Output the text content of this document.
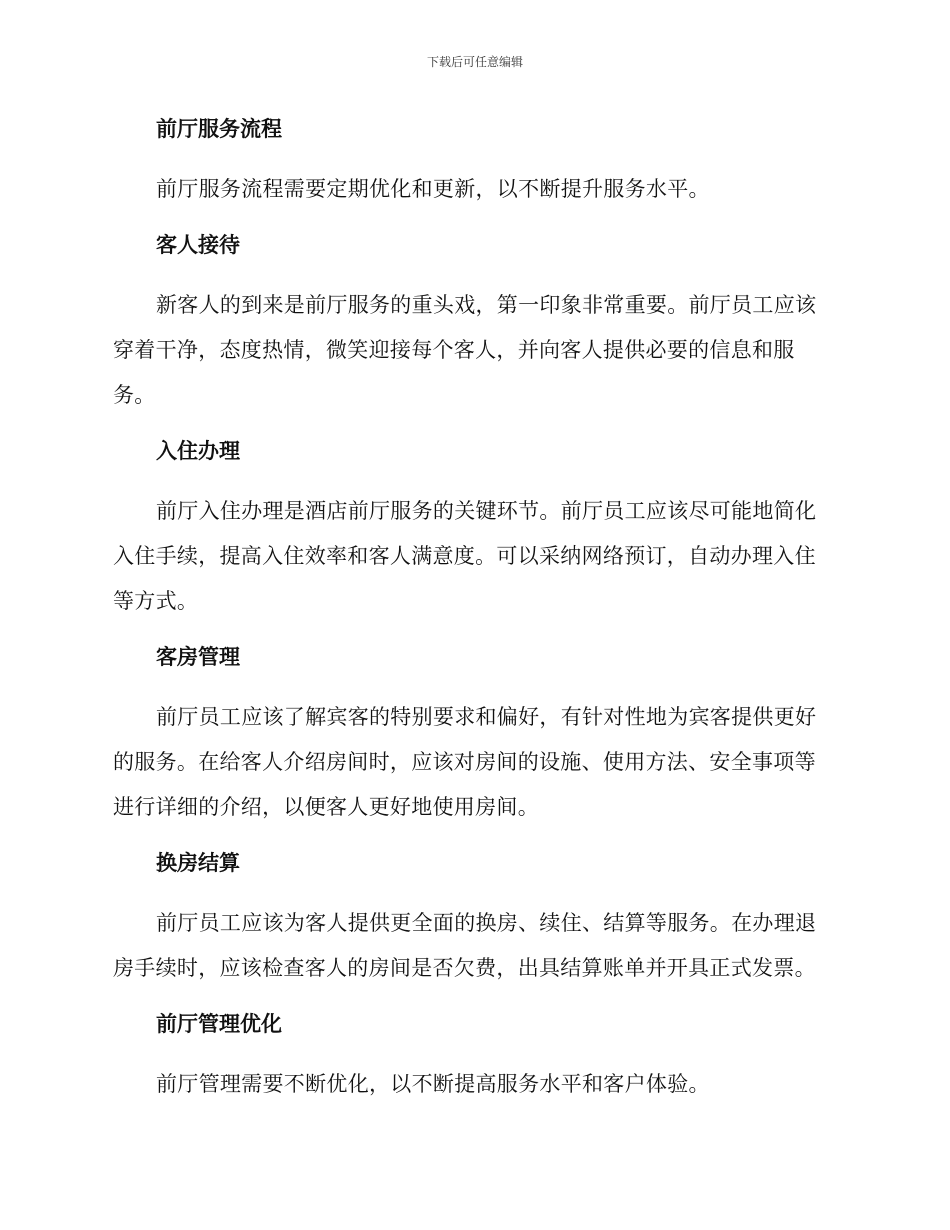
下载后可任意编辑
前厅服务流程
前厅服务流程需要定期优化和更新，以不断提升服务水平。
客人接待
新客人的到来是前厅服务的重头戏，第一印象非常重要。前厅员工应该穿着干净，态度热情，微笑迎接每个客人，并向客人提供必要的信息和服务。
入住办理
前厅入住办理是酒店前厅服务的关键环节。前厅员工应该尽可能地简化入住手续，提高入住效率和客人满意度。可以采纳网络预订，自动办理入住等方式。
客房管理
前厅员工应该了解宾客的特别要求和偏好，有针对性地为宾客提供更好的服务。在给客人介绍房间时，应该对房间的设施、使用方法、安全事项等进行详细的介绍，以便客人更好地使用房间。
换房结算
前厅员工应该为客人提供更全面的换房、续住、结算等服务。在办理退房手续时，应该检查客人的房间是否欠费，出具结算账单并开具正式发票。
前厅管理优化
前厅管理需要不断优化，以不断提高服务水平和客户体验。
